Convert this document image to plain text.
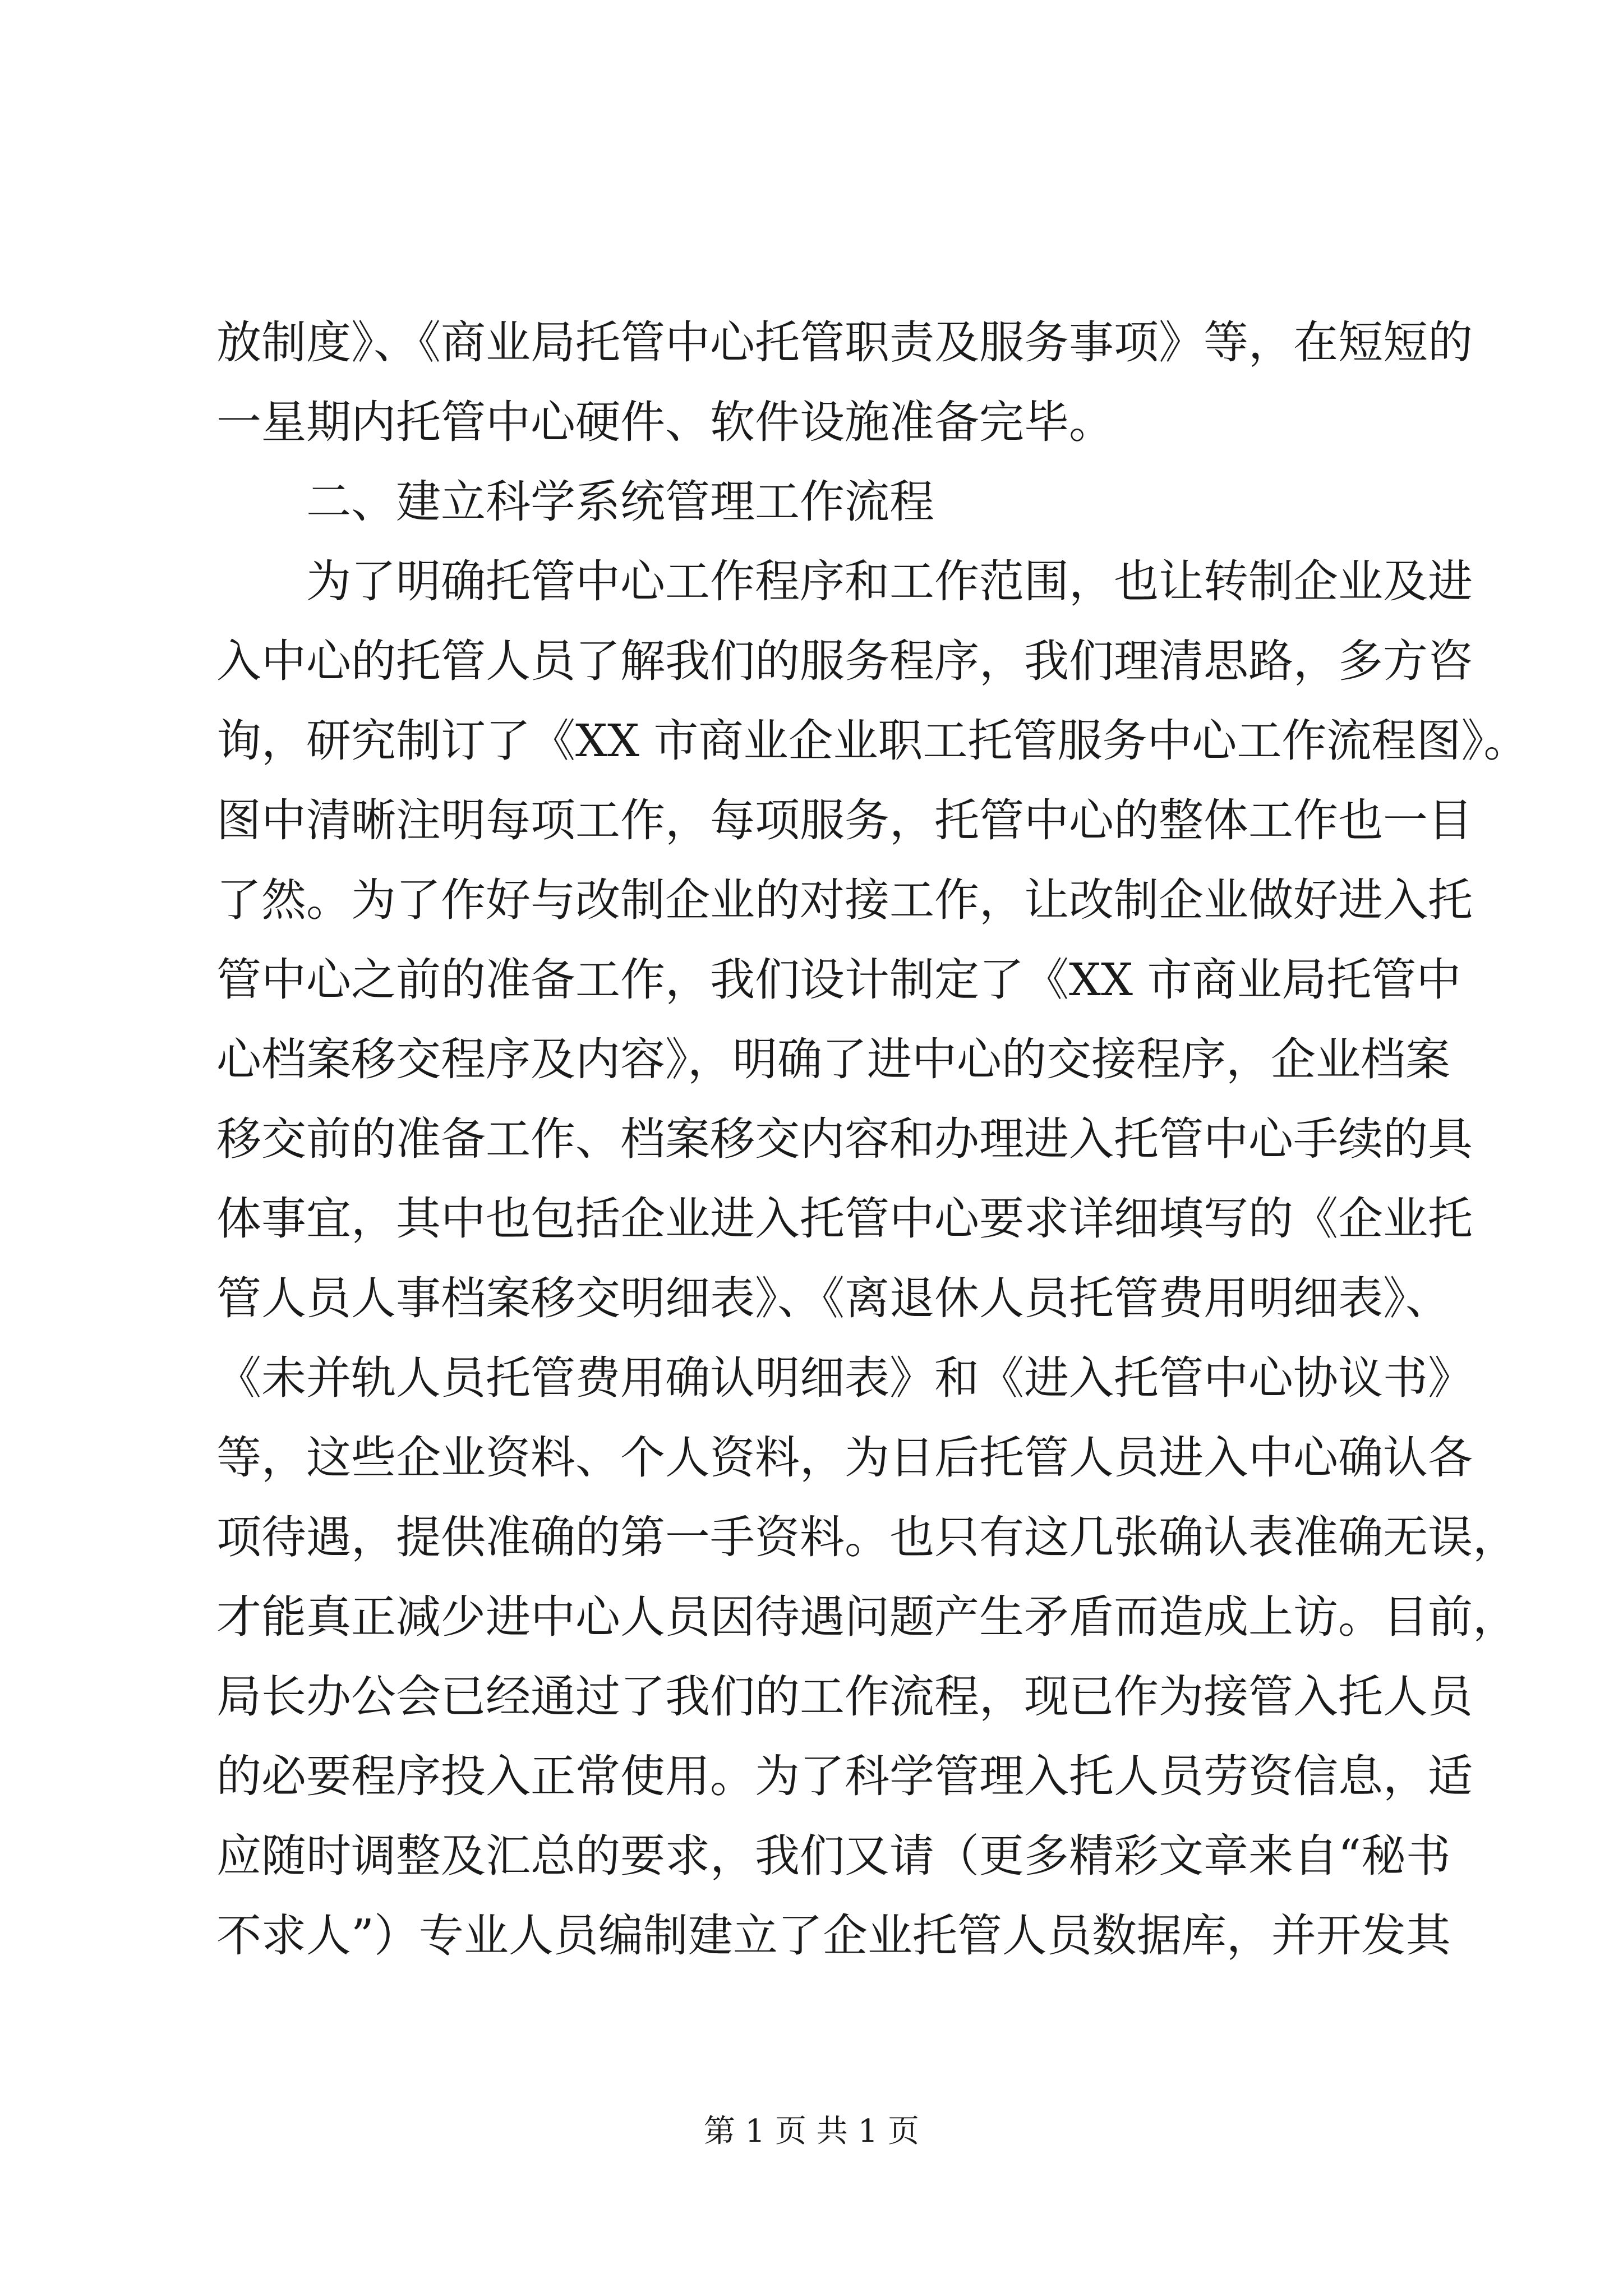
放制度》、《商业局托管中心托管职责及服务事项》等，在短短的
一星期内托管中心硬件、软件设施准备完毕。
二、建立科学系统管理工作流程
为了明确托管中心工作程序和工作范围，也让转制企业及进
入中心的托管人员了解我们的服务程序，我们理清思路，多方咨
询，研究制订了《XX 市商业企业职工托管服务中心工作流程图》。
图中清晰注明每项工作，每项服务，托管中心的整体工作也一目
了然。为了作好与改制企业的对接工作，让改制企业做好进入托
管中心之前的准备工作，我们设计制定了《XX 市商业局托管中
心档案移交程序及内容》，明确了进中心的交接程序，企业档案
移交前的准备工作、档案移交内容和办理进入托管中心手续的具
体事宜，其中也包括企业进入托管中心要求详细填写的《企业托
管人员人事档案移交明细表》、《离退休人员托管费用明细表》、
《未并轨人员托管费用确认明细表》和《进入托管中心协议书》
等，这些企业资料、个人资料，为日后托管人员进入中心确认各
项待遇，提供准确的第一手资料。也只有这几张确认表准确无误，
才能真正减少进中心人员因待遇问题产生矛盾而造成上访。目前，
局长办公会已经通过了我们的工作流程，现已作为接管入托人员
的必要程序投入正常使用。为了科学管理入托人员劳资信息，适
应随时调整及汇总的要求，我们又请（更多精彩文章来自“秘书
不求人”）专业人员编制建立了企业托管人员数据库，并开发其
第 1 页 共 1 页
